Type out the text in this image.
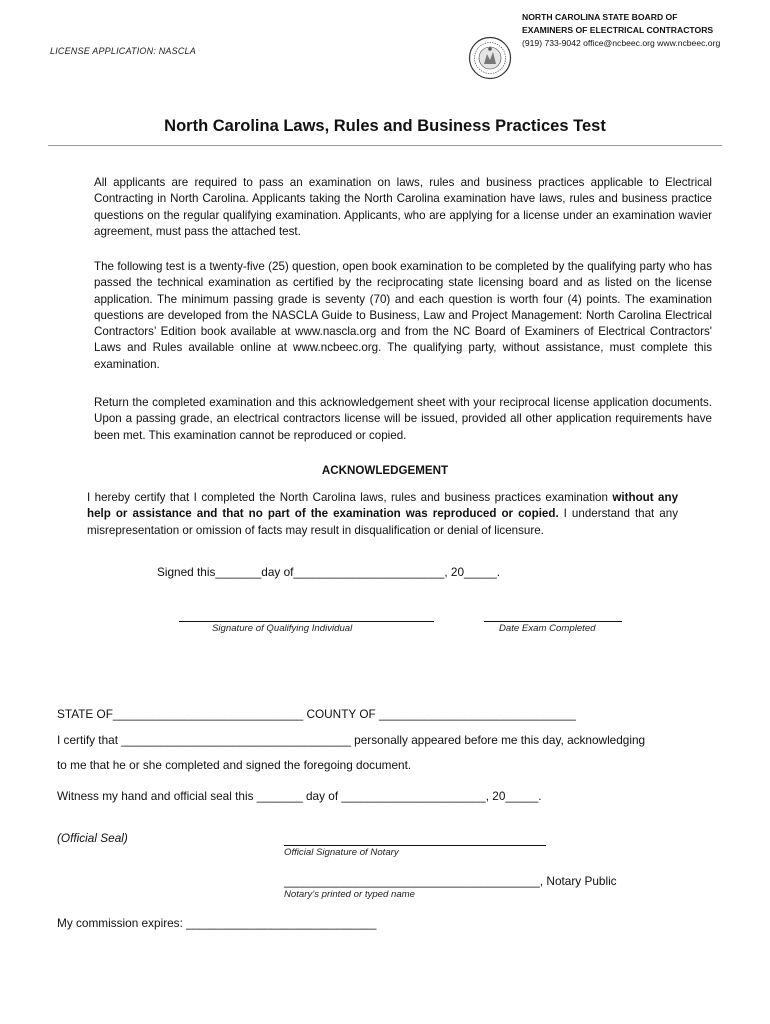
LICENSE APPLICATION: NASCLA
NORTH CAROLINA STATE BOARD OF
EXAMINERS OF ELECTRICAL CONTRACTORS
(919) 733-9042 office@ncbeec.org www.ncbeec.org
North Carolina Laws, Rules and Business Practices Test
All applicants are required to pass an examination on laws, rules and business practices applicable to Electrical Contracting in North Carolina. Applicants taking the North Carolina examination have laws, rules and business practice questions on the regular qualifying examination. Applicants, who are applying for a license under an examination wavier agreement, must pass the attached test.
The following test is a twenty-five (25) question, open book examination to be completed by the qualifying party who has passed the technical examination as certified by the reciprocating state licensing board and as listed on the license application. The minimum passing grade is seventy (70) and each question is worth four (4) points. The examination questions are developed from the NASCLA Guide to Business, Law and Project Management: North Carolina Electrical Contractors’ Edition book available at www.nascla.org and from the NC Board of Examiners of Electrical Contractors' Laws and Rules available online at www.ncbeec.org. The qualifying party, without assistance, must complete this examination.
Return the completed examination and this acknowledgement sheet with your reciprocal license application documents. Upon a passing grade, an electrical contractors license will be issued, provided all other application requirements have been met. This examination cannot be reproduced or copied.
ACKNOWLEDGEMENT
I hereby certify that I completed the North Carolina laws, rules and business practices examination without any help or assistance and that no part of the examination was reproduced or copied. I understand that any misrepresentation or omission of facts may result in disqualification or denial of licensure.
Signed this_______day of_______________________, 20_____.
Signature of Qualifying Individual	Date Exam Completed
STATE OF_____________________________ COUNTY OF ______________________________
I certify that ___________________________________ personally appeared before me this day, acknowledging
to me that he or she completed and signed the foregoing document.
Witness my hand and official seal this _______ day of ______________________, 20_____.
(Official Seal)
Official Signature of Notary
_______________________________________, Notary Public
Notary’s printed or typed name
My commission expires: _____________________________
